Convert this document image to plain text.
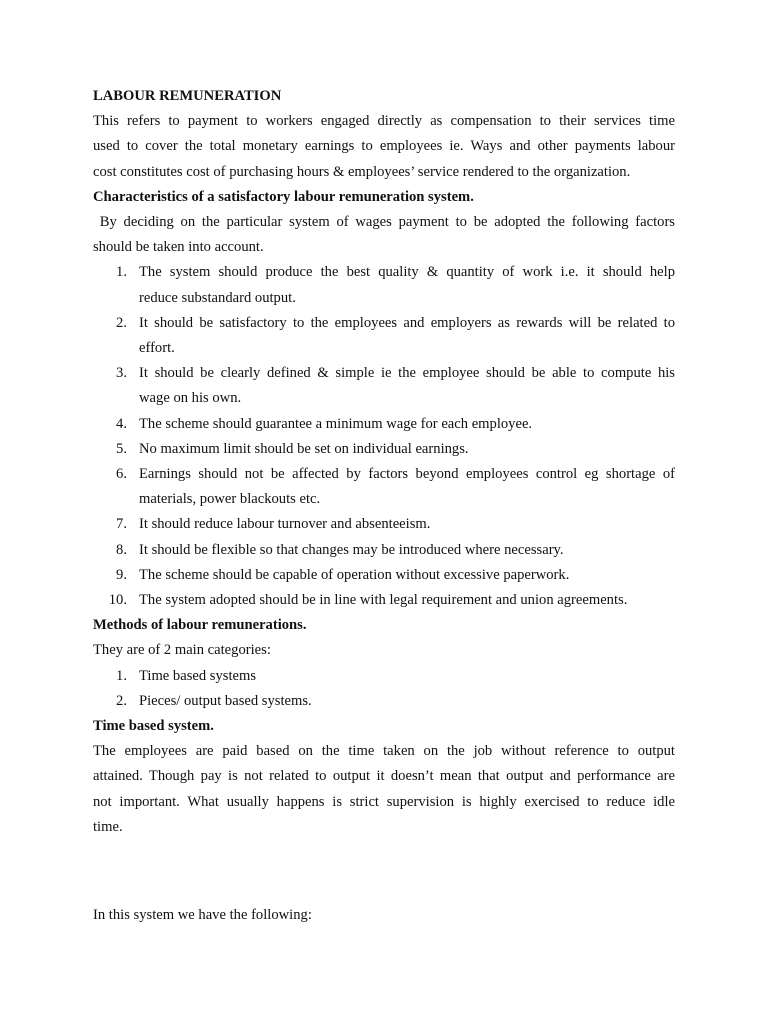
LABOUR REMUNERATION

This refers to payment to workers engaged directly as compensation to their services time

used to cover the total monetary earnings to employees ie. Ways and other payments labour

cost constitutes cost of purchasing hours & employees’ service rendered to the organization.

Characteristics of a satisfactory labour remuneration system.

By deciding on the particular system of wages payment to be adopted the following factors

should be taken into account.

1. The system should produce the best quality & quantity of work i.e. it should help

reduce substandard output.

2. It should be satisfactory to the employees and employers as rewards will be related to

effort.

3. It should be clearly defined & simple ie the employee should be able to compute his

wage on his own.

4. The scheme should guarantee a minimum wage for each employee.

5. No maximum limit should be set on individual earnings.

6. Earnings should not be affected by factors beyond employees control eg shortage of

materials, power blackouts etc.

7. It should reduce labour turnover and absenteeism.

8. It should be flexible so that changes may be introduced where necessary.

9. The scheme should be capable of operation without excessive paperwork.

10. The system adopted should be in line with legal requirement and union agreements.

Methods of labour remunerations.

They are of 2 main categories:

1. Time based systems

2. Pieces/ output based systems.

Time based system.

The employees are paid based on the time taken on the job without reference to output

attained. Though pay is not related to output it doesn’t mean that output and performance are

not important. What usually happens is strict supervision is highly exercised to reduce idle

time.

In this system we have the following:
